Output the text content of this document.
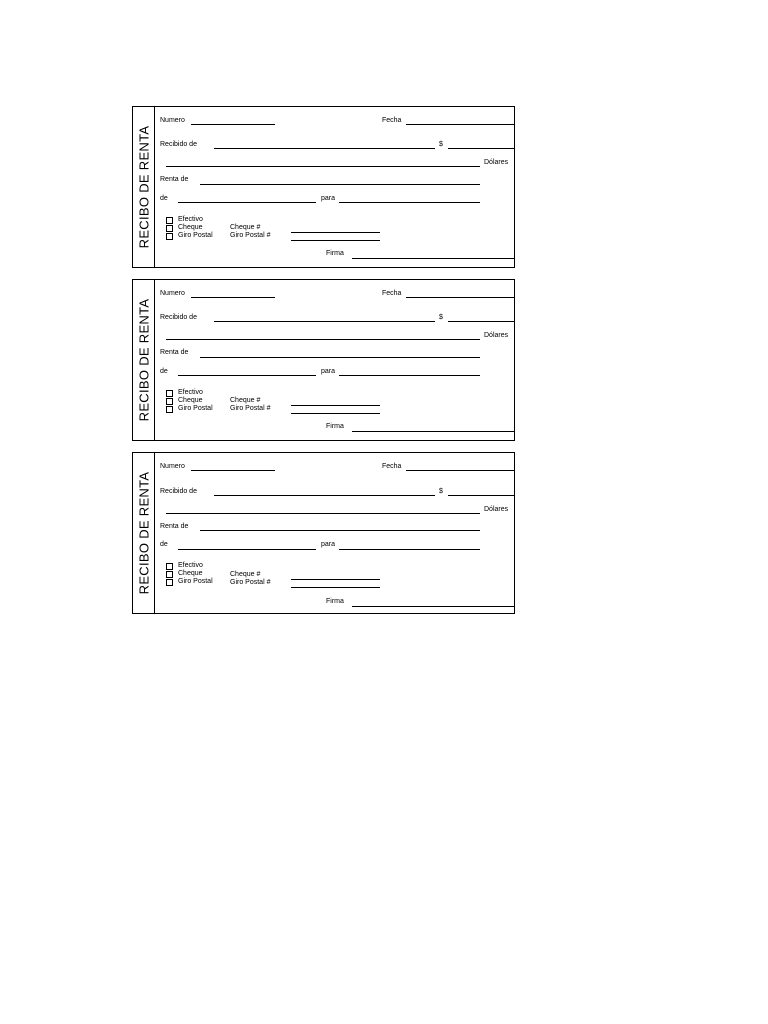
RECIBO DE RENTA
Numero	Fecha
Recibido de	$
Dólares
Renta de
de	para
Efectivo
Cheque
Giro Postal
Cheque #
Giro Postal #
Firma
RECIBO DE RENTA
Numero	Fecha
Recibido de	$
Dólares
Renta de
de	para
Efectivo
Cheque
Giro Postal
Cheque #
Giro Postal #
Firma
RECIBO DE RENTA
Numero	Fecha
Recibido de	$
Dólares
Renta de
de	para
Efectivo
Cheque
Giro Postal
Cheque #
Giro Postal #
Firma
